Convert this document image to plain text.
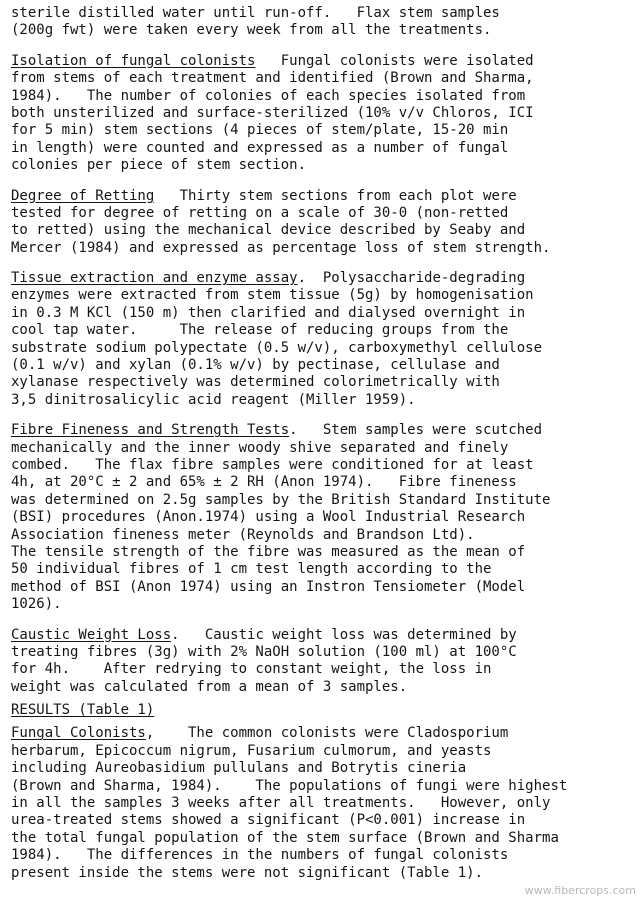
sterile distilled water until run-off.   Flax stem samples
(200g fwt) were taken every week from all the treatments.
Isolation of fungal colonists   Fungal colonists were isolated
from stems of each treatment and identified (Brown and Sharma,
1984).   The number of colonies of each species isolated from
both unsterilized and surface-sterilized (10% v/v Chloros, ICI
for 5 min) stem sections (4 pieces of stem/plate, 15-20 min
in length) were counted and expressed as a number of fungal
colonies per piece of stem section.
Degree of Retting   Thirty stem sections from each plot were
tested for degree of retting on a scale of 30-0 (non-retted
to retted) using the mechanical device described by Seaby and
Mercer (1984) and expressed as percentage loss of stem strength.
Tissue extraction and enzyme assay.  Polysaccharide-degrading
enzymes were extracted from stem tissue (5g) by homogenisation
in 0.3 M KCl (150 m) then clarified and dialysed overnight in
cool tap water.     The release of reducing groups from the
substrate sodium polypectate (0.5 w/v), carboxymethyl cellulose
(0.1 w/v) and xylan (0.1% w/v) by pectinase, cellulase and
xylanase respectively was determined colorimetrically with
3,5 dinitrosalicylic acid reagent (Miller 1959).
Fibre Fineness and Strength Tests.   Stem samples were scutched
mechanically and the inner woody shive separated and finely
combed.   The flax fibre samples were conditioned for at least
4h, at 20°C ± 2 and 65% ± 2 RH (Anon 1974).   Fibre fineness
was determined on 2.5g samples by the British Standard Institute
(BSI) procedures (Anon.1974) using a Wool Industrial Research
Association fineness meter (Reynolds and Brandson Ltd).
The tensile strength of the fibre was measured as the mean of
50 individual fibres of 1 cm test length according to the
method of BSI (Anon 1974) using an Instron Tensiometer (Model
1026).
Caustic Weight Loss.   Caustic weight loss was determined by
treating fibres (3g) with 2% NaOH solution (100 ml) at 100°C
for 4h.    After redrying to constant weight, the loss in
weight was calculated from a mean of 3 samples.
RESULTS (Table 1)
Fungal Colonists,    The common colonists were Cladosporium
herbarum, Epicoccum nigrum, Fusarium culmorum, and yeasts
including Aureobasidium pullulans and Botrytis cineria
(Brown and Sharma, 1984).    The populations of fungi were highest
in all the samples 3 weeks after all treatments.   However, only
urea-treated stems showed a significant (P<0.001) increase in
the total fungal population of the stem surface (Brown and Sharma
1984).   The differences in the numbers of fungal colonists
present inside the stems were not significant (Table 1).
www.fibercrops.com
